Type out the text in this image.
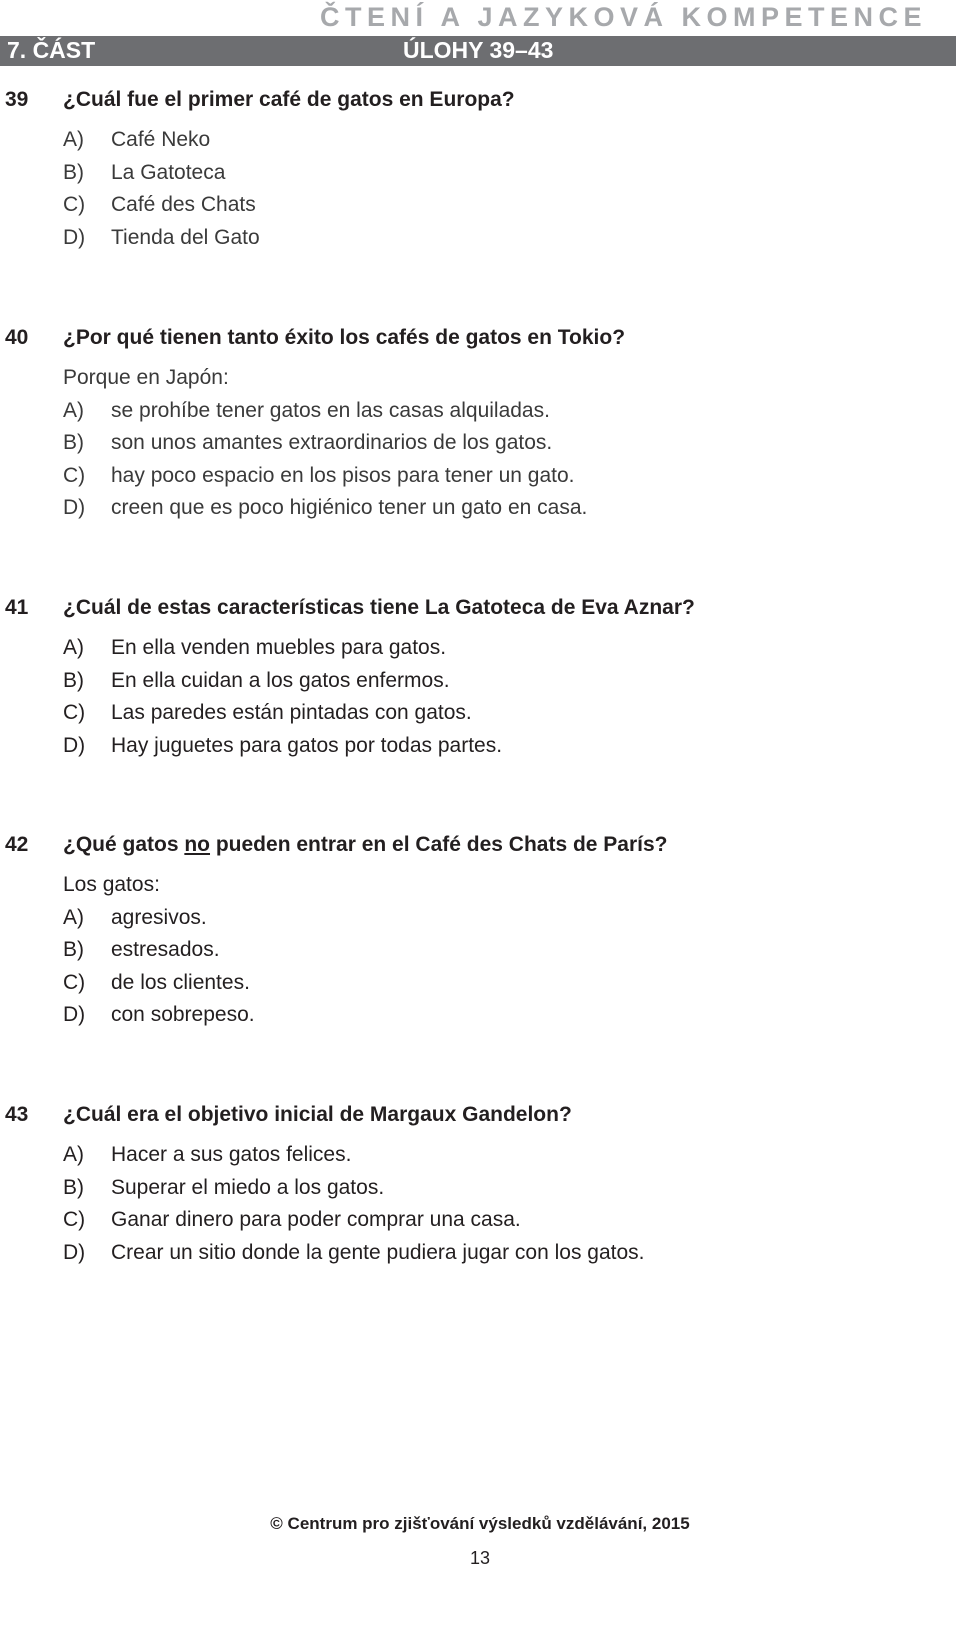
ČTENÍ A JAZYKOVÁ KOMPETENCE
7. ČÁST	ÚLOHY 39–43
39 ¿Cuál fue el primer café de gatos en Europa?
A) Café Neko
B) La Gatoteca
C) Café des Chats
D) Tienda del Gato
40 ¿Por qué tienen tanto éxito los cafés de gatos en Tokio?
Porque en Japón:
A) se prohíbe tener gatos en las casas alquiladas.
B) son unos amantes extraordinarios de los gatos.
C) hay poco espacio en los pisos para tener un gato.
D) creen que es poco higiénico tener un gato en casa.
41 ¿Cuál de estas características tiene La Gatoteca de Eva Aznar?
A) En ella venden muebles para gatos.
B) En ella cuidan a los gatos enfermos.
C) Las paredes están pintadas con gatos.
D) Hay juguetes para gatos por todas partes.
42 ¿Qué gatos no pueden entrar en el Café des Chats de París?
Los gatos:
A) agresivos.
B) estresados.
C) de los clientes.
D) con sobrepeso.
43 ¿Cuál era el objetivo inicial de Margaux Gandelon?
A) Hacer a sus gatos felices.
B) Superar el miedo a los gatos.
C) Ganar dinero para poder comprar una casa.
D) Crear un sitio donde la gente pudiera jugar con los gatos.
© Centrum pro zjišťování výsledků vzdělávání, 2015
13
